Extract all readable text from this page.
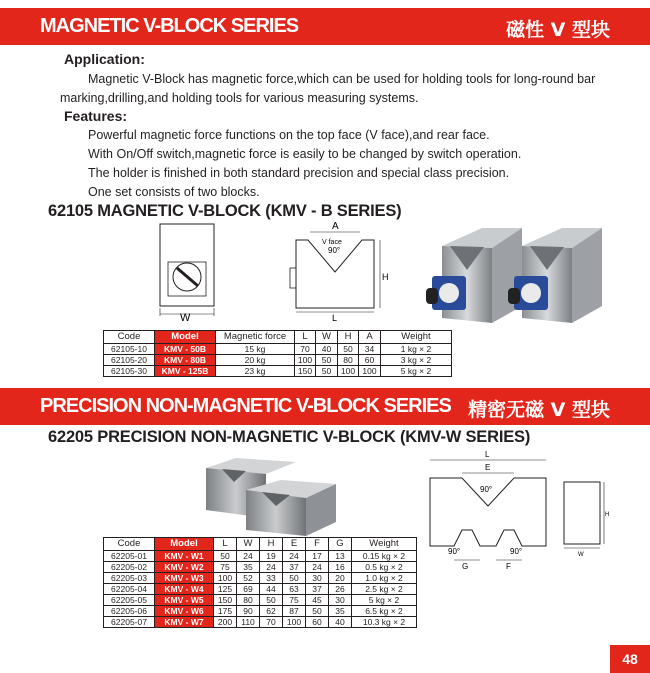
MAGNETIC V-BLOCK SERIES	磁性 V 型块
Application:
Magnetic V-Block has magnetic force,which can be used for holding tools for long-round bar
marking,drilling,and holding tools for various measuring systems.
Features:
Powerful magnetic force functions on the top face (V face),and rear face.
With On/Off switch,magnetic force is easily to be changed by switch operation.
The holder is finished in both standard precision and special class precision.
One set consists of two blocks.
62105 MAGNETIC V-BLOCK (KMV - B SERIES)
W
A
V face
90°
L
H
Code	Model	Magnetic force	L	W	H	A	Weight
62105-10	KMV - 50B	15 kg	70	40	50	34	1 kg × 2
62105-20	KMV - 80B	20 kg	100	50	80	60	3 kg × 2
62105-30	KMV - 125B	23 kg	150	50	100	100	5 kg × 2
PRECISION NON-MAGNETIC V-BLOCK SERIES 精密无磁 V 型块
62205 PRECISION NON-MAGNETIC V-BLOCK (KMV-W SERIES)
L
E
90°
90°	90°
G	F
H
W
Code	Model	L	W	H	E	F	G	Weight
62205-01	KMV - W1	50	24	19	24	17	13	0.15 kg × 2
62205-02	KMV - W2	75	35	24	37	24	16	0.5 kg × 2
62205-03	KMV - W3	100	52	33	50	30	20	1.0 kg × 2
62205-04	KMV - W4	125	69	44	63	37	26	2.5 kg × 2
62205-05	KMV - W5	150	80	50	75	45	30	5 kg × 2
62205-06	KMV - W6	175	90	62	87	50	35	6.5 kg × 2
62205-07	KMV - W7	200	110	70	100	60	40	10.3 kg × 2
48
